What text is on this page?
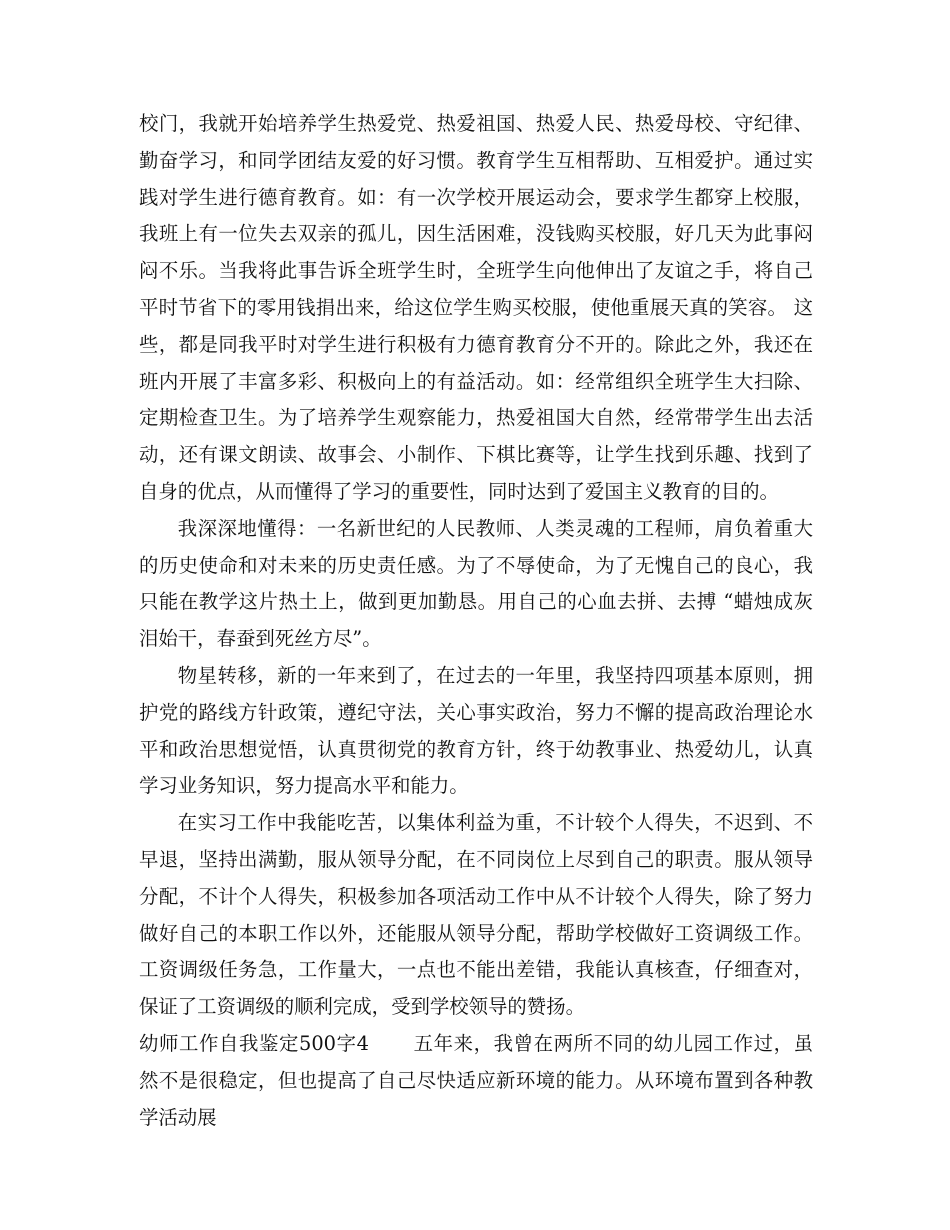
校门，我就开始培养学生热爱党、热爱祖国、热爱人民、热爱母校、守纪律、勤奋学习，和同学团结友爱的好习惯。教育学生互相帮助、互相爱护。通过实践对学生进行德育教育。如：有一次学校开展运动会，要求学生都穿上校服，我班上有一位失去双亲的孤儿，因生活困难，没钱购买校服，好几天为此事闷闷不乐。当我将此事告诉全班学生时，全班学生向他伸出了友谊之手，将自己平时节省下的零用钱捐出来，给这位学生购买校服，使他重展天真的笑容。 这些，都是同我平时对学生进行积极有力德育教育分不开的。除此之外，我还在班内开展了丰富多彩、积极向上的有益活动。如：经常组织全班学生大扫除、定期检查卫生。为了培养学生观察能力，热爱祖国大自然，经常带学生出去活动，还有课文朗读、故事会、小制作、下棋比赛等，让学生找到乐趣、找到了自身的优点，从而懂得了学习的重要性，同时达到了爱国主义教育的目的。

我深深地懂得：一名新世纪的人民教师、人类灵魂的工程师，肩负着重大的历史使命和对未来的历史责任感。为了不辱使命，为了无愧自己的良心，我只能在教学这片热土上，做到更加勤恳。用自己的心血去拼、去搏 “蜡烛成灰泪始干，春蚕到死丝方尽”。

物星转移，新的一年来到了，在过去的一年里，我坚持四项基本原则，拥护党的路线方针政策，遵纪守法，关心事实政治，努力不懈的提高政治理论水平和政治思想觉悟，认真贯彻党的教育方针，终于幼教事业、热爱幼儿，认真学习业务知识，努力提高水平和能力。

在实习工作中我能吃苦，以集体利益为重，不计较个人得失，不迟到、不早退，坚持出满勤，服从领导分配，在不同岗位上尽到自己的职责。服从领导分配，不计个人得失，积极参加各项活动工作中从不计较个人得失，除了努力做好自己的本职工作以外，还能服从领导分配，帮助学校做好工资调级工作。工资调级任务急，工作量大，一点也不能出差错，我能认真核查，仔细查对，保证了工资调级的顺利完成，受到学校领导的赞扬。

幼师工作自我鉴定500字4 五年来，我曾在两所不同的幼儿园工作过，虽然不是很稳定，但也提高了自己尽快适应新环境的能力。从环境布置到各种教学活动展
